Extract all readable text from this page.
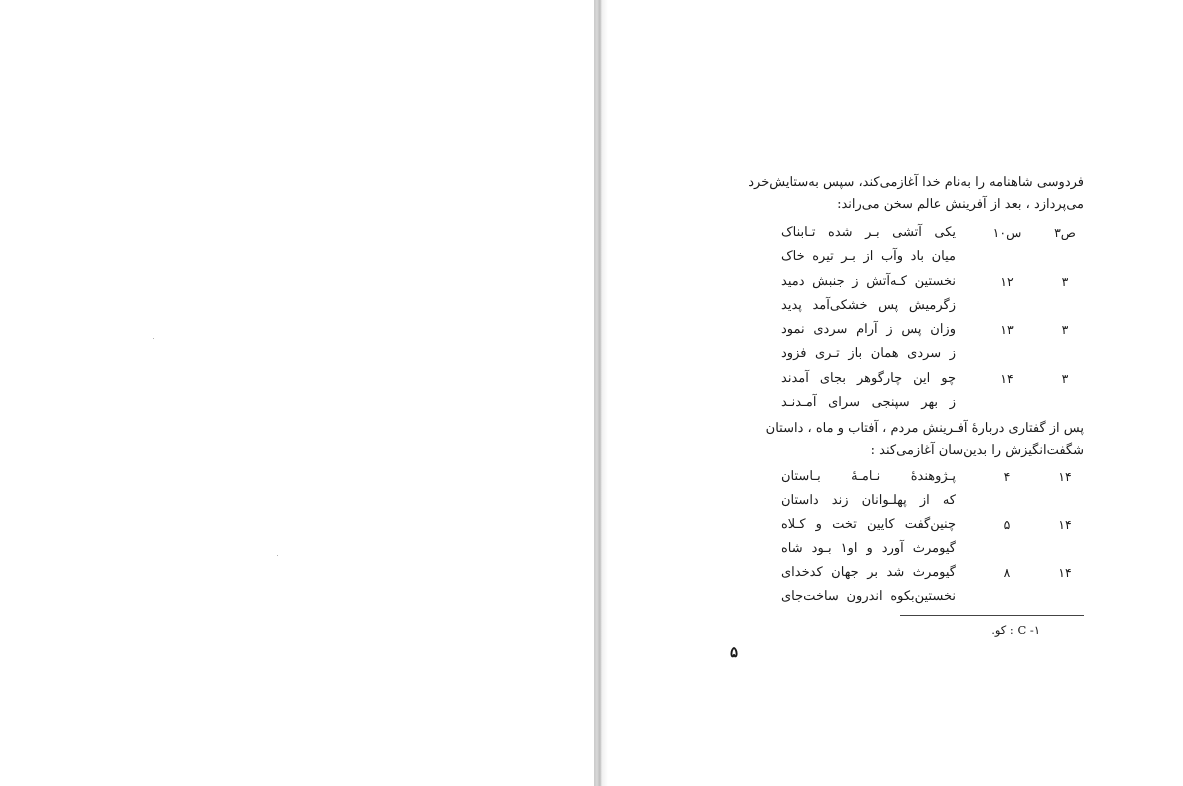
فردوسی شاهنامه را به‌نام خدا آغازمی‌کند، سپس به‌ستایش‌خرد
می‌پردازد ، بعد از آفرینش عالم سخن می‌راند:
ص۳
س۱۰
یکی آتشی بـر شده تـابناک
میان باد وآب از بـر تیره خاک
۳
۱۲
نخستین کـه‌آتش ز جنبش دمید
زگرمیش پس خشکی‌آمد پدید
۳
۱۳
وزان پس ز آرام سردی نمود
ز سردی همان باز تـری فزود
۳
۱۴
چو این چارگوهر بجای آمدند
ز بهر سپنجی سرای آمـدنـد
پس از گفتاری دربارهٔ آفـرینش مردم ، آفتاب و ماه ، داستان
شگفت‌انگیزش را بدین‌سان آغازمی‌کند :
۱۴
۴
پـژوهندهٔ نـامـهٔ بـاستان
که از پهلـوانان زند داستان
۱۴
۵
چنین‌گفت کایین تخت و کـلاه
گیومرث آورد و او۱ بـود شاه
۱۴
۸
گیومرث شد بر جهان کدخدای
نخستین‌بکوه اندرون ساخت‌جای
۱- C : کو.
۵
